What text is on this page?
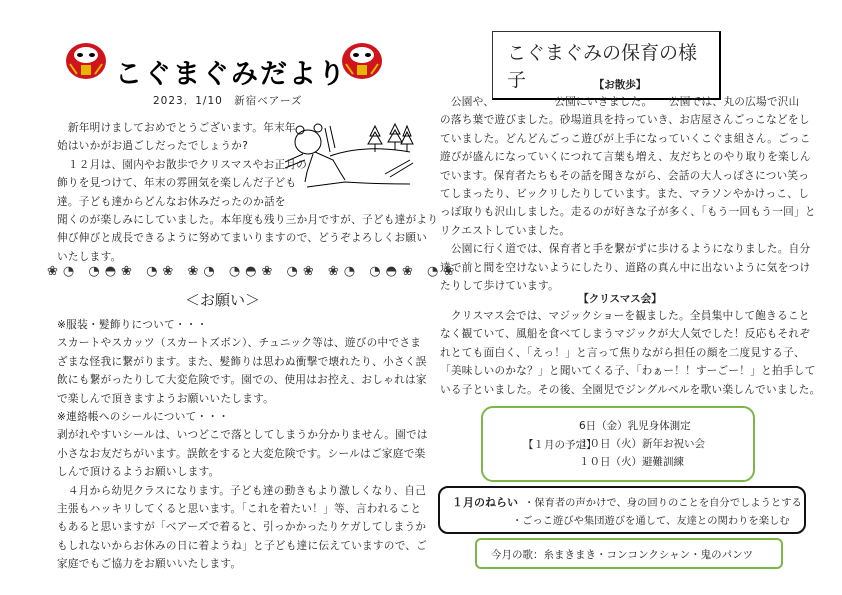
こぐまぐみだより
2023．1/10　新宿ベアーズ
　新年明けましておめでとうございます。年末年
始はいかがお過ごしだったでしょうか?
　１２月は、園内やお散歩でクリスマスやお正月の
飾りを見つけて、年末の雰囲気を楽しんだ子ども
達。子ども達からどんなお休みだったのか話を
聞くのが楽しみにしていました。本年度も残り三か月ですが、子ども達がより
伸び伸びと成長できるように努めてまいりますので、どうぞよろしくお願い
いたします。
❀◔ ◔◓❀ ◔❀ ❀◔ ◔◓❀ ◔❀ ❀◔ ◔◓❀ ◔❀
＜お願い＞
※服装・髪飾りについて・・・
スカートやスカッツ（スカートズボン）、チュニック等は、遊びの中でさま
ざまな怪我に繋がります。また、髪飾りは思わぬ衝撃で壊れたり、小さく誤
飲にも繋がったりして大変危険です。園での、使用はお控え、おしゃれは家
で楽しんで頂きますようお願いいたします。
※連絡帳へのシールについて・・・
剥がれやすいシールは、いつどこで落としてしまうか分かりません。園では
小さなお友だちがいます。誤飲をすると大変危険です。シールはご家庭で楽
しんで頂けるようお願いします。
　４月から幼児クラスになります。子ども達の動きもより激しくなり、自己
主張もハッキリしてくると思います。「これを着たい！」等、言われること
もあると思いますが「ベアーズで着ると、引っかかったりケガしてしまうか
もしれないからお休みの日に着ようね」と子ども達に伝えていますので、ご
家庭でもご協力をお願いいたします。
こぐまぐみの保育の様子	【お散歩】
　公園や、　　　　　　公園にいきました。　　公園では、丸の広場で沢山
の落ち葉で遊びました。砂場道具を持っていき、お店屋さんごっこなどをし
ていました。どんどんごっこ遊びが上手になっていくこぐま組さん。ごっこ
遊びが盛んになっていくにつれて言葉も増え、友だちとのやり取りを楽しん
でいます。保育者たちもその話を聞きながら、会話の大人っぽさについ笑っ
てしまったり、ビックリしたりしています。また、マラソンやかけっこ、し
っぽ取りも沢山しました。走るのが好きな子が多く、「もう一回もう一回」と
リクエストしていました。
　公園に行く道では、保育者と手を繋がずに歩けるようになりました。自分
達で前と間を空けないようにしたり、道路の真ん中に出ないように気をつけ
たりして歩けています。
【クリスマス会】
　クリスマス会では、マジックショーを観ました。全員集中して飽きること
なく観ていて、風船を食べてしまうマジックが大人気でした！反応もそれぞ
れとても面白く、「えっ！」と言って焦りながら担任の顔を二度見する子、
「美味しいのかな？」と聞いてくる子、「わぁー！！すーごー！」と拍手して
いる子といました。その後、全園児でジングルベルを歌い楽しんでいました。
【１月の予定】
6日（金）乳児身体測定
１０日（火）新年お祝い会
１０日（火）避難訓練
１月のねらい ・保育者の声かけで、身の回りのことを自分でしようとする
・ごっこ遊びや集団遊びを通して、友達との関わりを楽しむ
今月の歌：糸まきまき・コンコンクシャン・鬼のパンツ
